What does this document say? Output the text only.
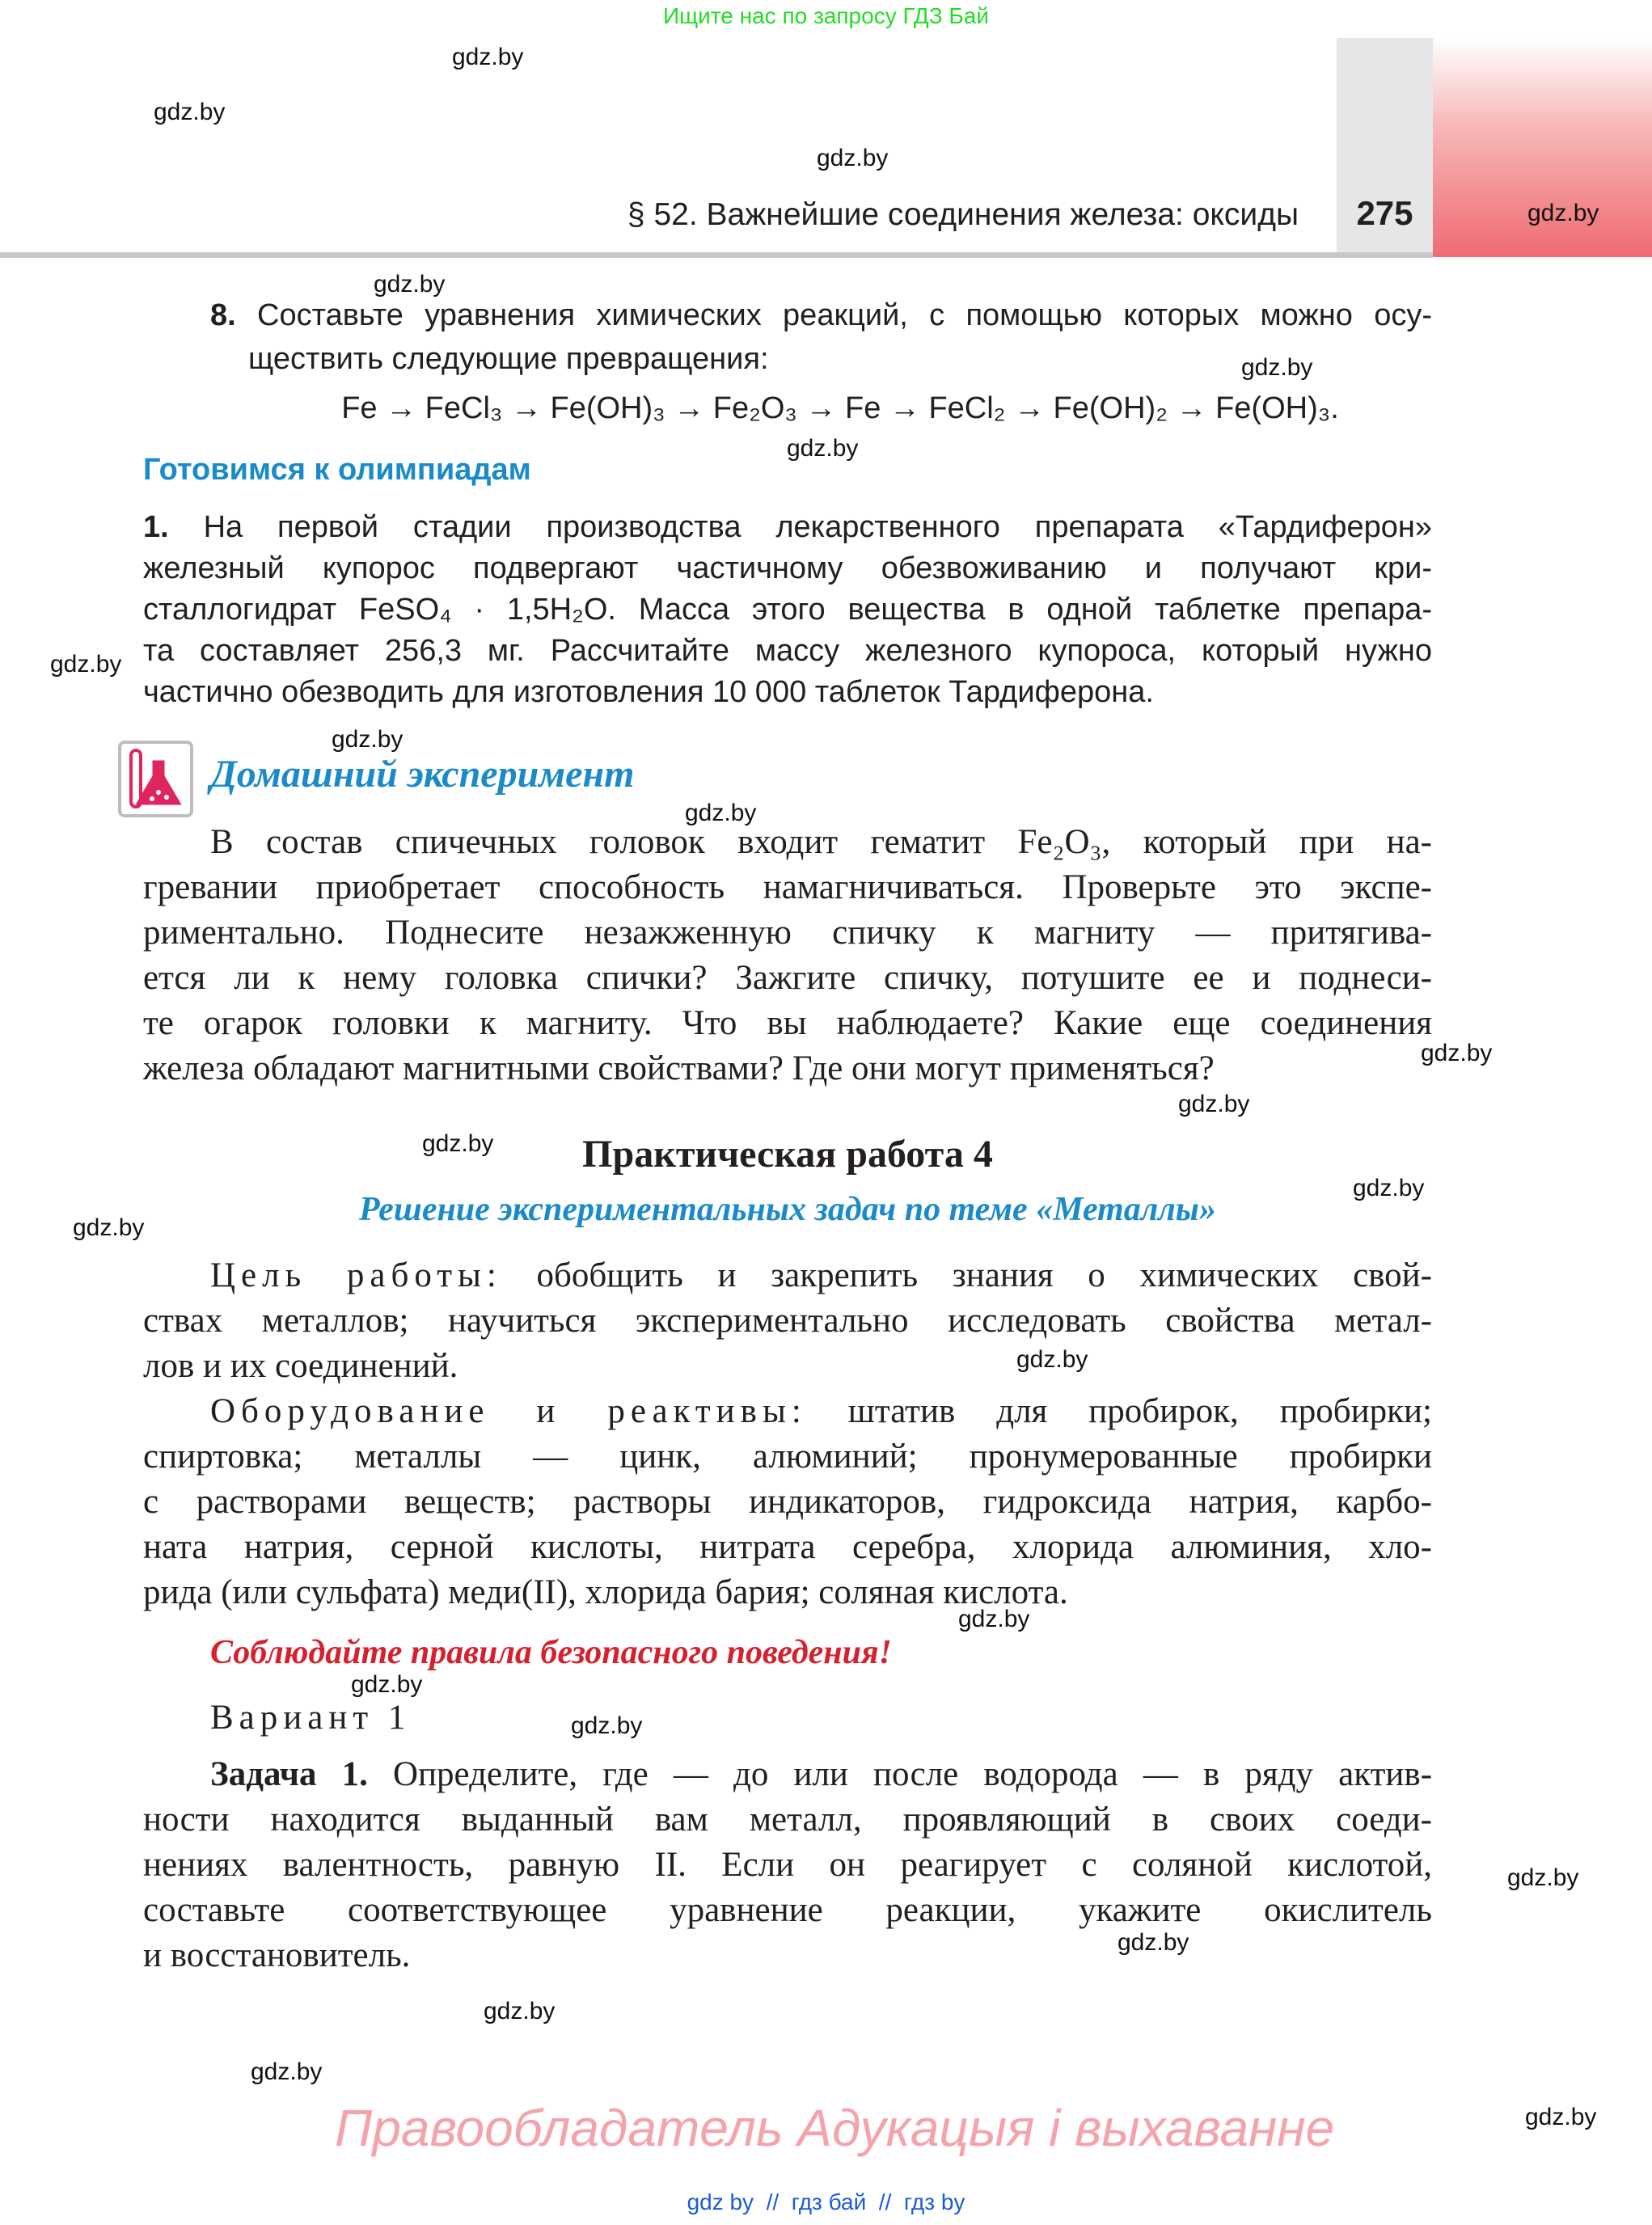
Ищите нас по запросу ГДЗ Бай
§ 52. Важнейшие соединения железа: оксиды	275
8. Составьте уравнения химических реакций, с помощью которых можно осу-
ществить следующие превращения:
Fe → FeCl₃ → Fe(OH)₃ → Fe₂O₃ → Fe → FeCl₂ → Fe(OH)₂ → Fe(OH)₃.
Готовимся к олимпиадам
1. На первой стадии производства лекарственного препарата «Тардиферон»
железный купорос подвергают частичному обезвоживанию и получают кри-
сталлогидрат FeSO₄ · 1,5H₂O. Масса этого вещества в одной таблетке препара-
та составляет 256,3 мг. Рассчитайте массу железного купороса, который нужно
частично обезводить для изготовления 10 000 таблеток Тардиферона.
Домашний эксперимент
В состав спичечных головок входит гематит Fe₂O₃, который при на-
гревании приобретает способность намагничиваться. Проверьте это экспе-
риментально. Поднесите незажженную спичку к магниту — притягива-
ется ли к нему головка спички? Зажгите спичку, потушите ее и поднеси-
те огарок головки к магниту. Что вы наблюдаете? Какие еще соединения
железа обладают магнитными свойствами? Где они могут применяться?
Практическая работа 4
Решение экспериментальных задач по теме «Металлы»
Цель работы: обобщить и закрепить знания о химических свой-
ствах металлов; научиться экспериментально исследовать свойства метал-
лов и их соединений.
Оборудование и реактивы: штатив для пробирок, пробирки;
спиртовка; металлы — цинк, алюминий; пронумерованные пробирки
с растворами веществ; растворы индикаторов, гидроксида натрия, карбо-
ната натрия, серной кислоты, нитрата серебра, хлорида алюминия, хло-
рида (или сульфата) меди(II), хлорида бария; соляная кислота.
Соблюдайте правила безопасного поведения!
Вариант 1
Задача 1. Определите, где — до или после водорода — в ряду актив-
ности находится выданный вам металл, проявляющий в своих соеди-
нениях валентность, равную II. Если он реагирует с соляной кислотой,
составьте соответствующее уравнение реакции, укажите окислитель
и восстановитель.
Правообладатель Адукацыя і выхаванне
gdz by  //  гдз бай  //  гдз by
gdz.by
gdz.by
gdz.by
gdz.by
gdz.by
gdz.by
gdz.by
gdz.by
gdz.by
gdz.by
gdz.by
gdz.by
gdz.by
gdz.by
gdz.by
gdz.by
gdz.by
gdz.by
gdz.by
gdz.by
gdz.by
gdz.by
gdz.by
gdz.by
